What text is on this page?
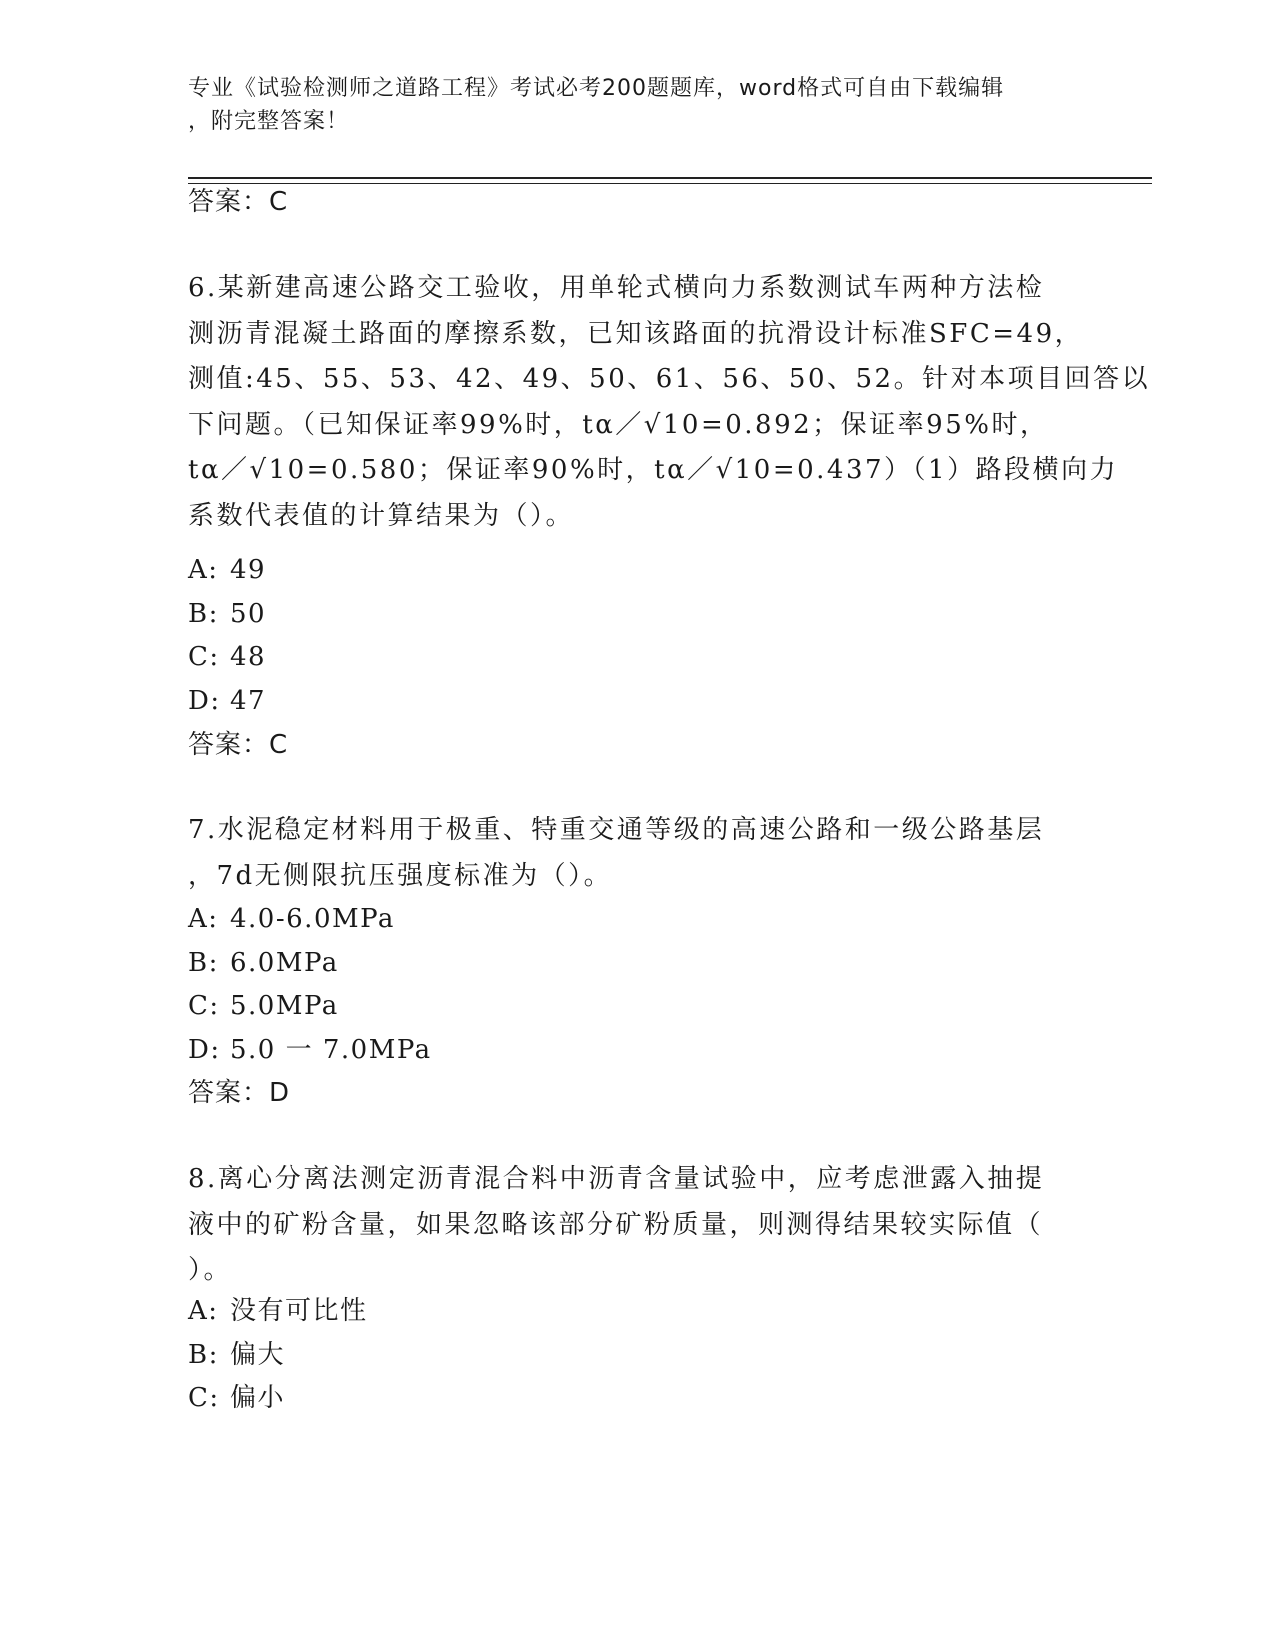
专业《试验检测师之道路工程》考试必考200题题库，word格式可自由下载编辑
，附完整答案！
答案：C
6.某新建高速公路交工验收，用单轮式横向力系数测试车两种方法检
测沥青混凝土路面的摩擦系数，已知该路面的抗滑设计标准SFC=49，
测值:45、55、53、42、49、50、61、56、50、52。针对本项目回答以
下问题。（已知保证率99%时，tα／√10=0.892；保证率95%时，
tα／√10=0.580；保证率90%时，tα／√10=0.437）（1）路段横向力
系数代表值的计算结果为（）。
A: 49
B: 50
C: 48
D: 47
答案：C
7.水泥稳定材料用于极重、特重交通等级的高速公路和一级公路基层
，7d无侧限抗压强度标准为（）。
A: 4.0-6.0MPa
B: 6.0MPa
C: 5.0MPa
D: 5.0 一 7.0MPa
答案：D
8.离心分离法测定沥青混合料中沥青含量试验中，应考虑泄露入抽提
液中的矿粉含量，如果忽略该部分矿粉质量，则测得结果较实际值（
）。
A: 没有可比性
B: 偏大
C: 偏小
